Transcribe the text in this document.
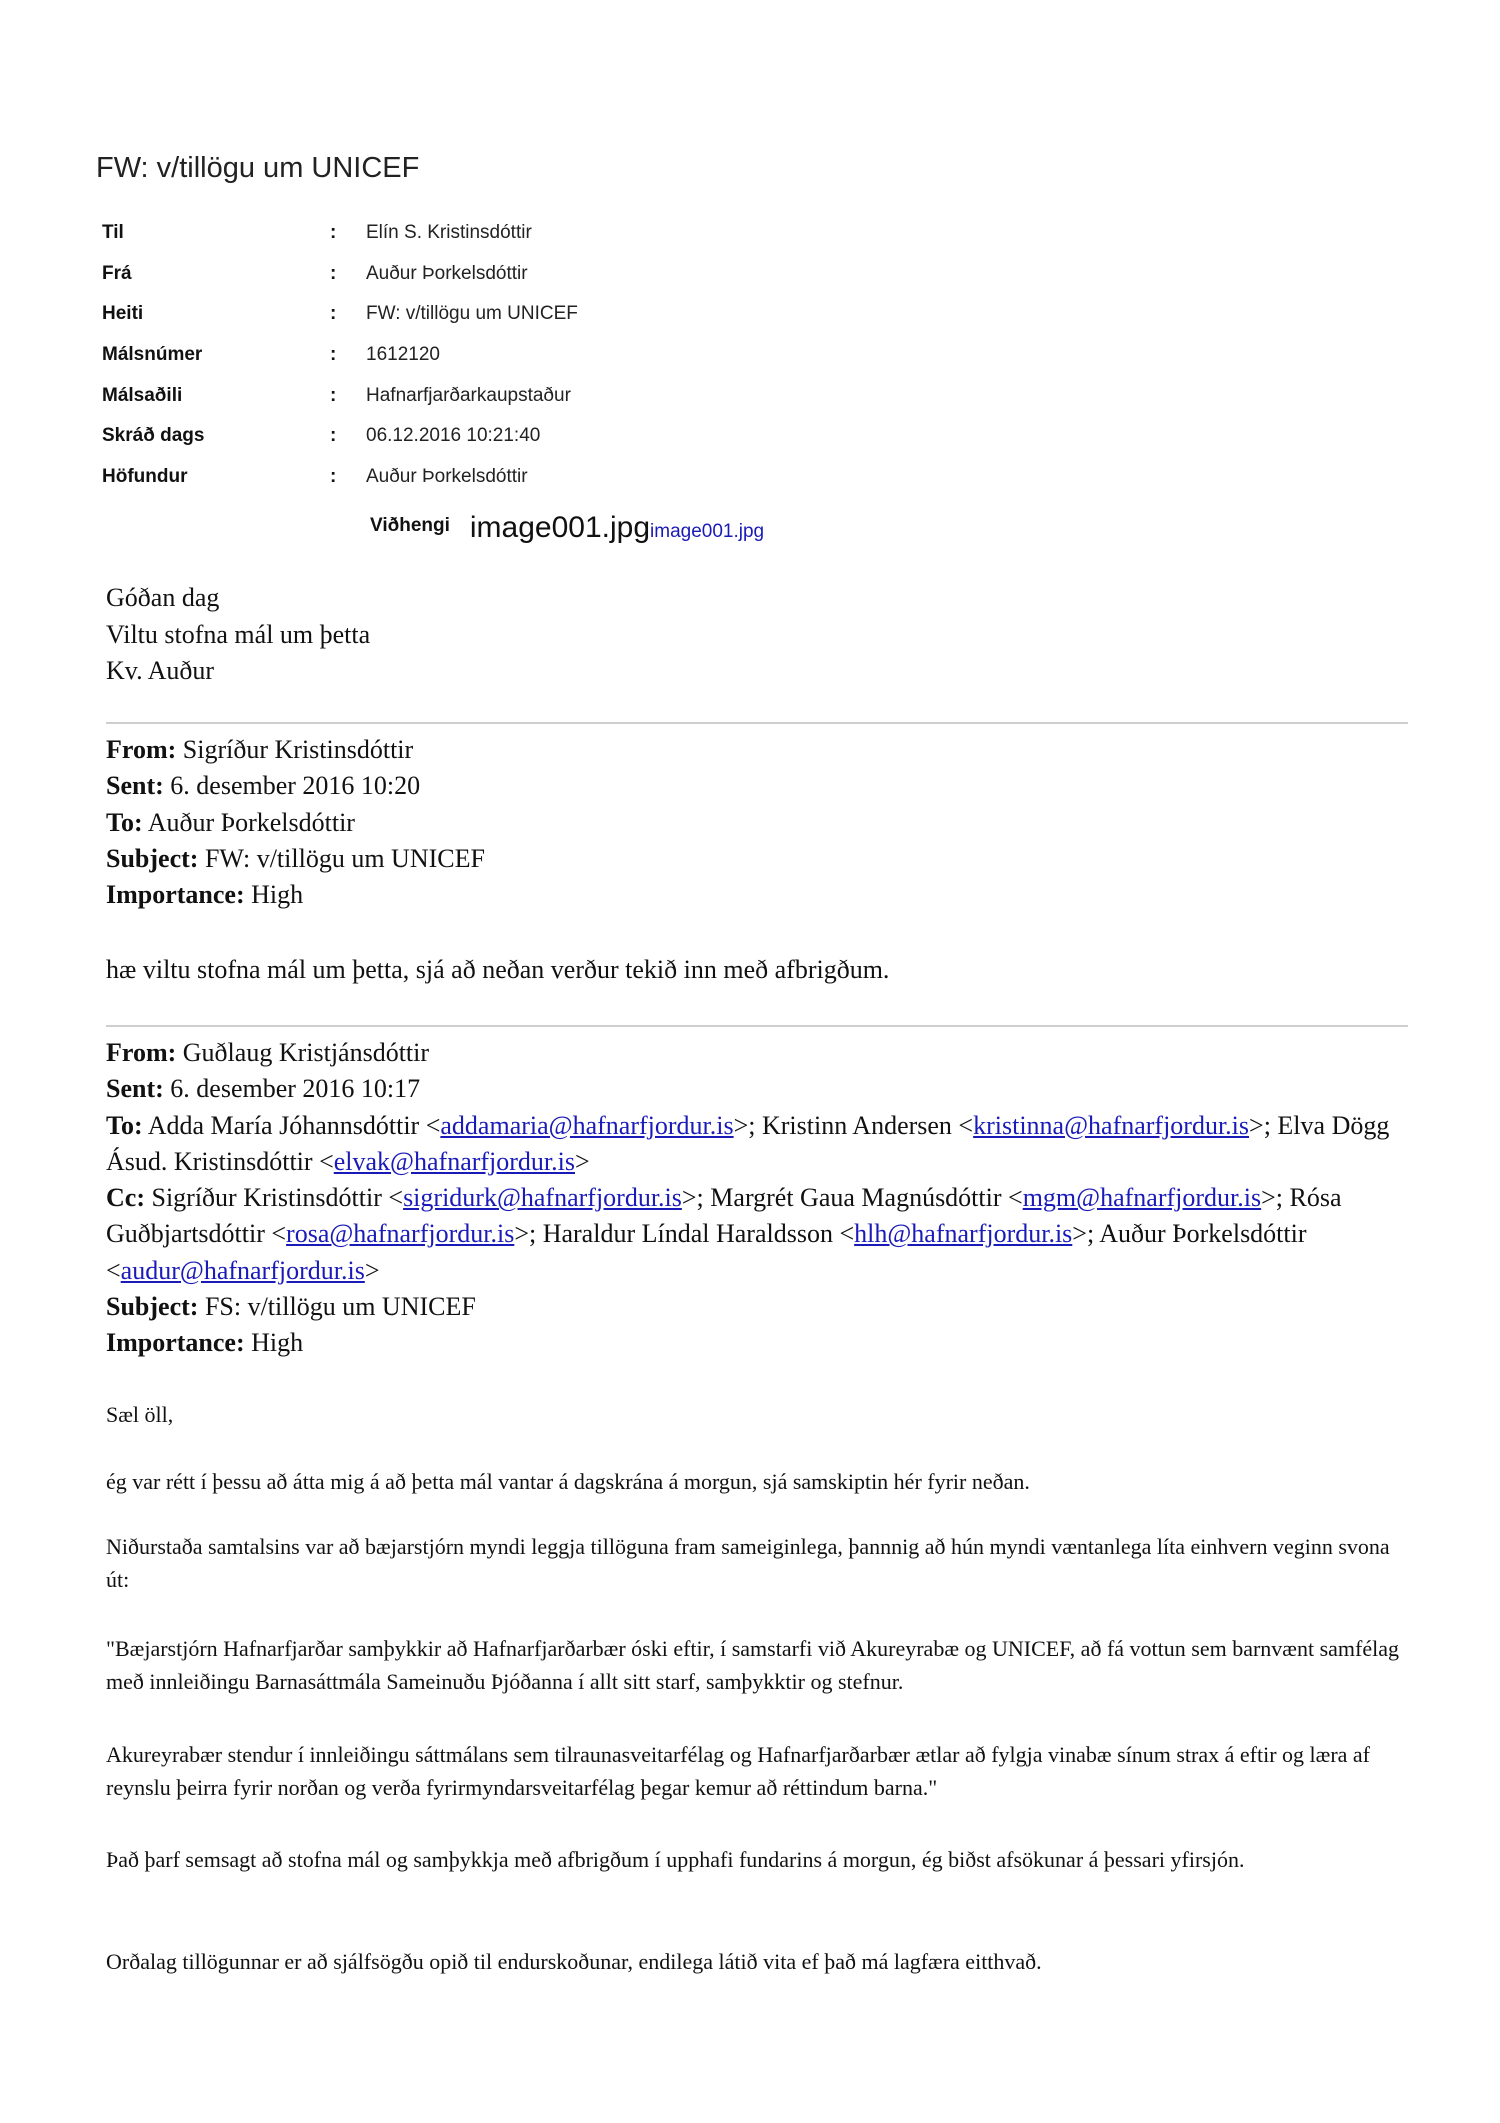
FW: v/tillögu um UNICEF
Til	:	Elín S. Kristinsdóttir
Frá	:	Auður Þorkelsdóttir
Heiti	:	FW: v/tillögu um UNICEF
Málsnúmer	:	1612120
Málsaðili	:	Hafnarfjarðarkaupstaður
Skráð dags	:	06.12.2016 10:21:40
Höfundur	:	Auður Þorkelsdóttir
Viðhengi image001.jpg image001.jpg
Góðan dag
Viltu stofna mál um þetta
Kv. Auður
From: Sigríður Kristinsdóttir
Sent: 6. desember 2016 10:20
To: Auður Þorkelsdóttir
Subject: FW: v/tillögu um UNICEF
Importance: High
hæ viltu stofna mál um þetta, sjá að neðan verður tekið inn með afbrigðum.
From: Guðlaug Kristjánsdóttir
Sent: 6. desember 2016 10:17
To: Adda María Jóhannsdóttir <addamaria@hafnarfjordur.is>; Kristinn Andersen <kristinna@hafnarfjordur.is>; Elva Dögg Ásud. Kristinsdóttir <elvak@hafnarfjordur.is>
Cc: Sigríður Kristinsdóttir <sigridurk@hafnarfjordur.is>; Margrét Gaua Magnúsdóttir <mgm@hafnarfjordur.is>; Rósa Guðbjartsdóttir <rosa@hafnarfjordur.is>; Haraldur Líndal Haraldsson <hlh@hafnarfjordur.is>; Auður Þorkelsdóttir <audur@hafnarfjordur.is>
Subject: FS: v/tillögu um UNICEF
Importance: High

Sæl öll,

ég var rétt í þessu að átta mig á að þetta mál vantar á dagskrána á morgun, sjá samskiptin hér fyrir neðan.

Niðurstaða samtalsins var að bæjarstjórn myndi leggja tillöguna fram sameiginlega, þannnig að hún myndi væntanlega líta einhvern veginn svona út:

"Bæjarstjórn Hafnarfjarðar samþykkir að Hafnarfjarðarbær óski eftir, í samstarfi við Akureyrabæ og UNICEF, að fá vottun sem barnvænt samfélag með innleiðingu Barnasáttmála Sameinuðu Þjóðanna í allt sitt starf, samþykktir og stefnur.

Akureyrabær stendur í innleiðingu sáttmálans sem tilraunasveitarfélag og Hafnarfjarðarbær ætlar að fylgja vinabæ sínum strax á eftir og læra af reynslu þeirra fyrir norðan og verða fyrirmyndarsveitarfélag þegar kemur að réttindum barna."

Það þarf semsagt að stofna mál og samþykkja með afbrigðum í upphafi fundarins á morgun, ég biðst afsökunar á þessari yfirsjón.

Orðalag tillögunnar er að sjálfsögðu opið til endurskoðunar, endilega látið vita ef það má lagfæra eitthvað.
